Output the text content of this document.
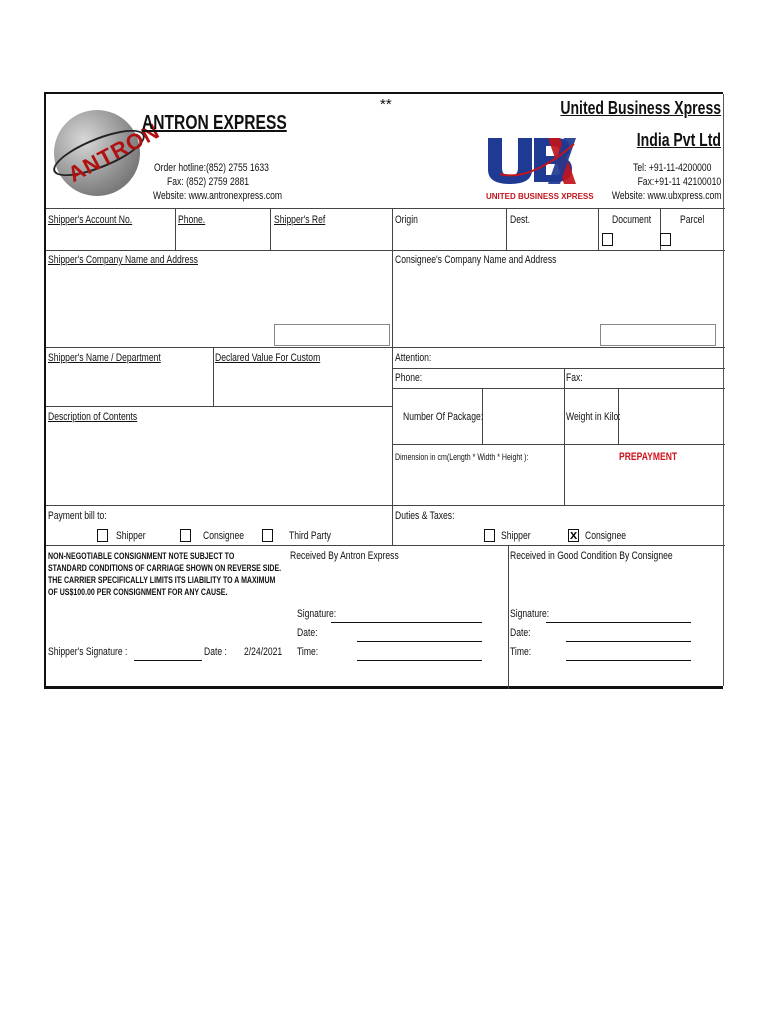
**
ANTRON
ANTRON EXPRESS
Order hotline:(852) 2755 1633
Fax: (852) 2759 2881
Website: www.antronexpress.com	UNITED BUSINESS XPRESS
United Business Xpress
India Pvt Ltd
Tel: +91-11-4200000
Fax:+91-11 42100010
Website: www.ubxpress.com
Shipper's Account No.	Phone.	Shipper's Ref	Origin	Dest.	Document	Parcel
Shipper's Company Name and Address	Consignee's Company Name and Address
Shipper's Name / Department	Declared Value For Custom	Attention:
Phone:	Fax:
Description of Contents	Number Of Package:	Weight in Kilo:
Dimension in cm(Length * Width * Height ):	PREPAYMENT
Payment bill to:
Shipper	Consignee	Third Party
Duties & Taxes:
Shipper
x	Consignee
NON-NEGOTIABLE CONSIGNMENT NOTE SUBJECT TO
STANDARD CONDITIONS OF CARRIAGE SHOWN ON REVERSE SIDE.
THE CARRIER SPECIFICALLY LIMITS ITS LIABILITY TO A MAXIMUM
OF US$100.00 PER CONSIGNMENT FOR ANY CAUSE.
Received By Antron Express	Received in Good Condition By Consignee
Shipper's Signature :	Date :	2/24/2021
Signature:
Date:
Time:
Signature:
Date:
Time:
